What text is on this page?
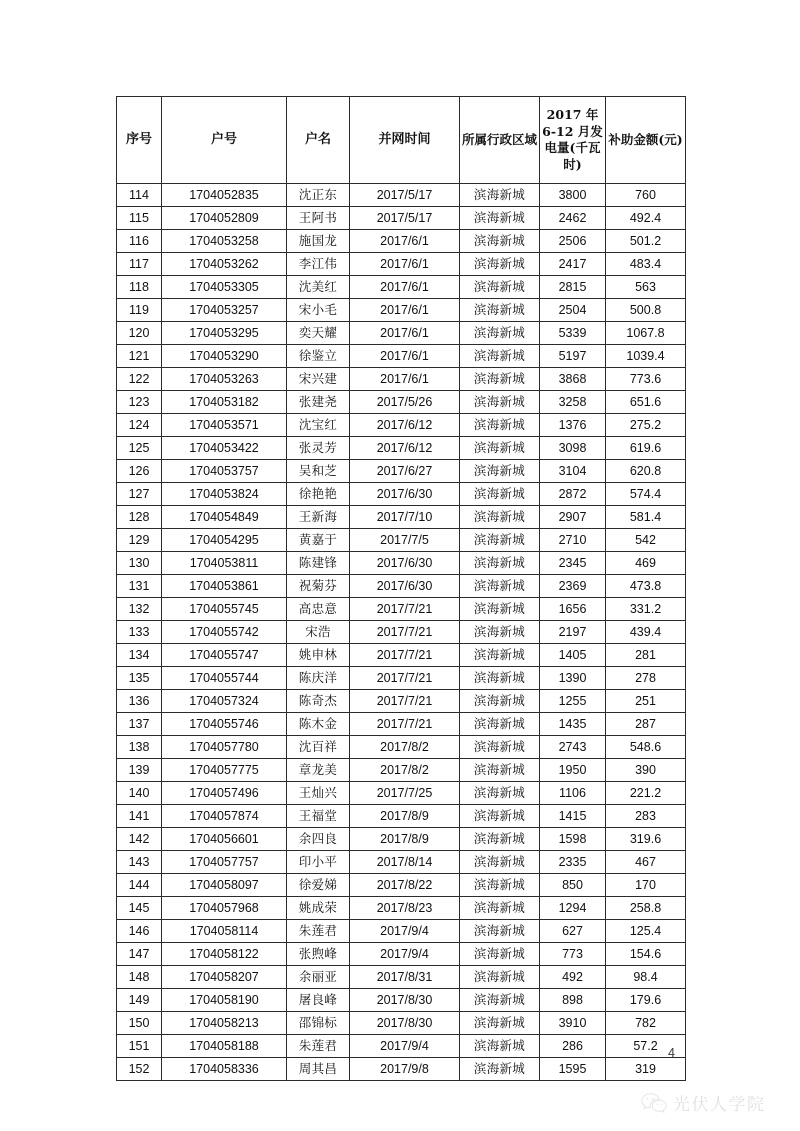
序号	户号	户名	并网时间	所属行政区域	2017 年 6-12 月发电量(千瓦时)	补助金额(元)
114	1704052835	沈正东	2017/5/17	滨海新城	3800	760
115	1704052809	王阿书	2017/5/17	滨海新城	2462	492.4
116	1704053258	施国龙	2017/6/1	滨海新城	2506	501.2
117	1704053262	李江伟	2017/6/1	滨海新城	2417	483.4
118	1704053305	沈美红	2017/6/1	滨海新城	2815	563
119	1704053257	宋小毛	2017/6/1	滨海新城	2504	500.8
120	1704053295	奕天耀	2017/6/1	滨海新城	5339	1067.8
121	1704053290	徐鉴立	2017/6/1	滨海新城	5197	1039.4
122	1704053263	宋兴建	2017/6/1	滨海新城	3868	773.6
123	1704053182	张建尧	2017/5/26	滨海新城	3258	651.6
124	1704053571	沈宝红	2017/6/12	滨海新城	1376	275.2
125	1704053422	张灵芳	2017/6/12	滨海新城	3098	619.6
126	1704053757	吴和芝	2017/6/27	滨海新城	3104	620.8
127	1704053824	徐艳艳	2017/6/30	滨海新城	2872	574.4
128	1704054849	王新海	2017/7/10	滨海新城	2907	581.4
129	1704054295	黄嘉于	2017/7/5	滨海新城	2710	542
130	1704053811	陈建锋	2017/6/30	滨海新城	2345	469
131	1704053861	祝菊芬	2017/6/30	滨海新城	2369	473.8
132	1704055745	高忠意	2017/7/21	滨海新城	1656	331.2
133	1704055742	宋浩	2017/7/21	滨海新城	2197	439.4
134	1704055747	姚申林	2017/7/21	滨海新城	1405	281
135	1704055744	陈庆洋	2017/7/21	滨海新城	1390	278
136	1704057324	陈奇杰	2017/7/21	滨海新城	1255	251
137	1704055746	陈木金	2017/7/21	滨海新城	1435	287
138	1704057780	沈百祥	2017/8/2	滨海新城	2743	548.6
139	1704057775	章龙美	2017/8/2	滨海新城	1950	390
140	1704057496	王灿兴	2017/7/25	滨海新城	1106	221.2
141	1704057874	王福堂	2017/8/9	滨海新城	1415	283
142	1704056601	余四良	2017/8/9	滨海新城	1598	319.6
143	1704057757	印小平	2017/8/14	滨海新城	2335	467
144	1704058097	徐爱娣	2017/8/22	滨海新城	850	170
145	1704057968	姚成荣	2017/8/23	滨海新城	1294	258.8
146	1704058114	朱莲君	2017/9/4	滨海新城	627	125.4
147	1704058122	张煦峰	2017/9/4	滨海新城	773	154.6
148	1704058207	余丽亚	2017/8/31	滨海新城	492	98.4
149	1704058190	屠良峰	2017/8/30	滨海新城	898	179.6
150	1704058213	邵锦标	2017/8/30	滨海新城	3910	782
151	1704058188	朱莲君	2017/9/4	滨海新城	286	57.2
152	1704058336	周其昌	2017/9/8	滨海新城	1595	319
4
光伏人学院
